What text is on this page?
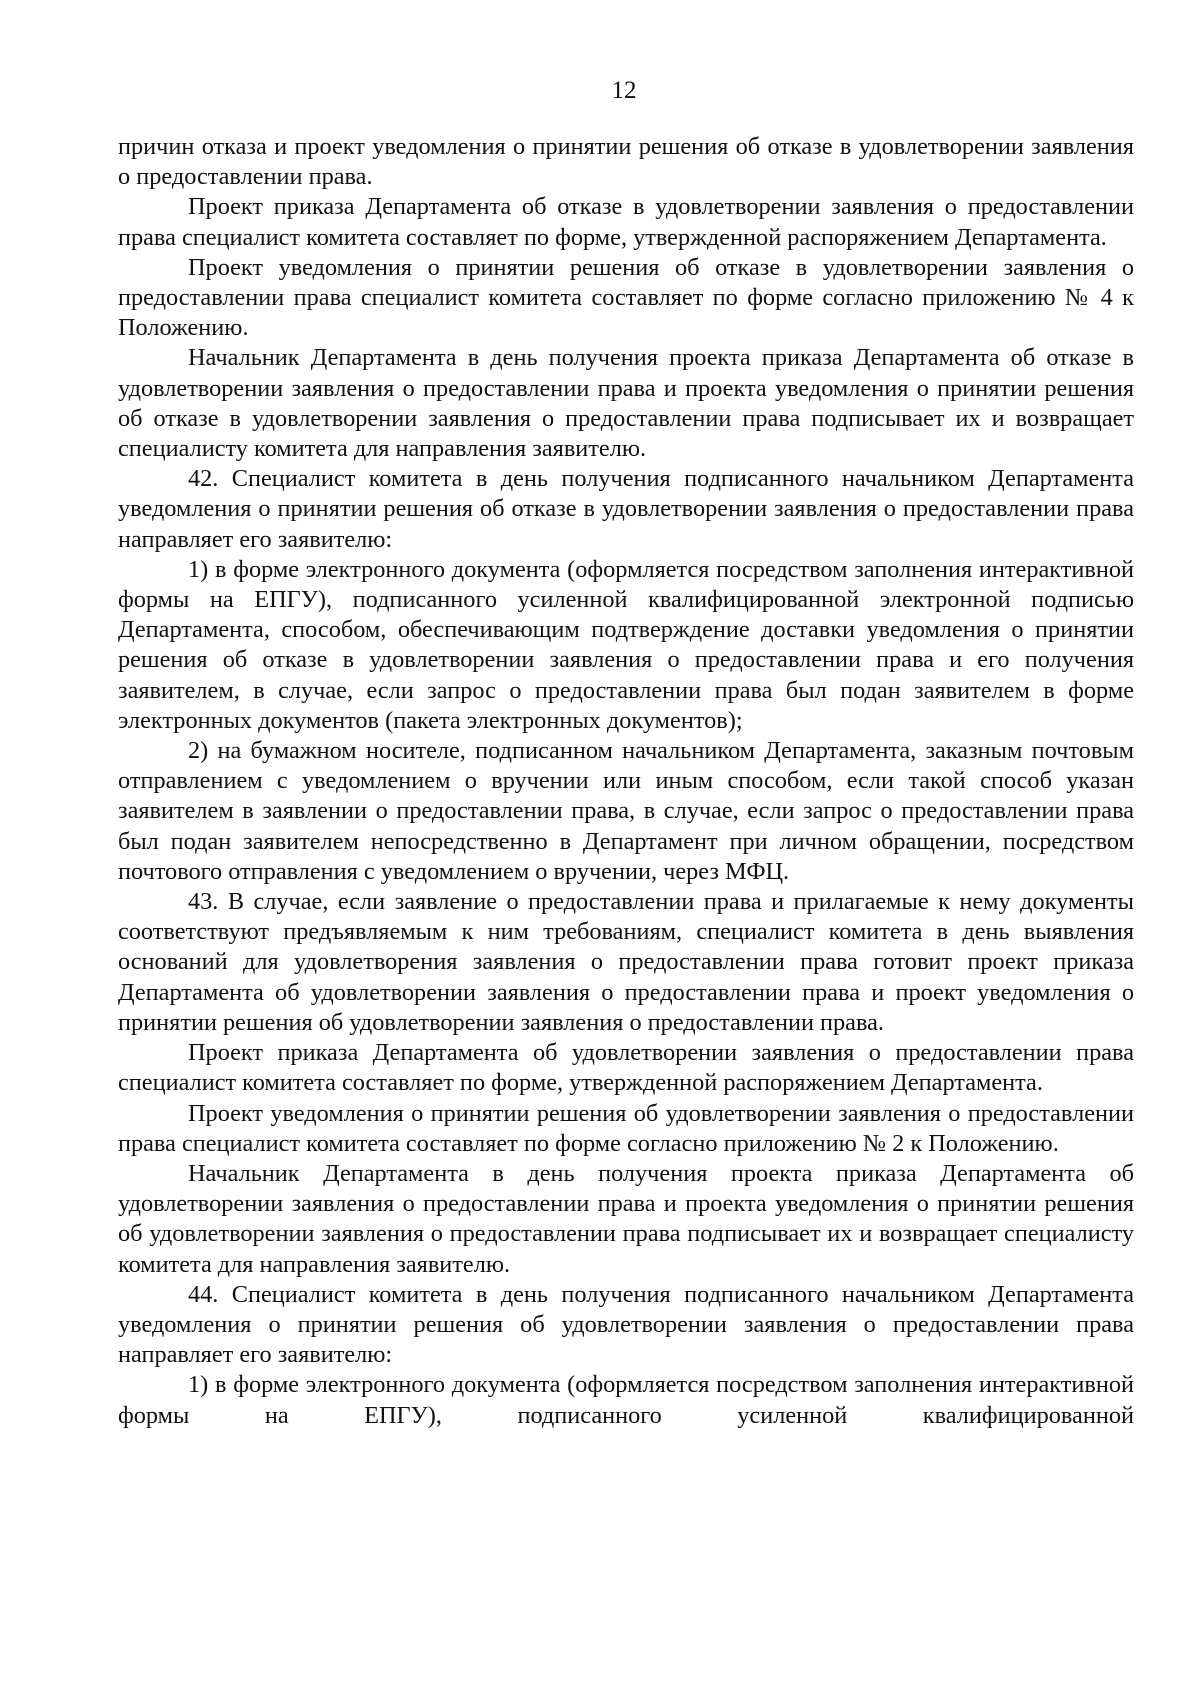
12

причин отказа и проект уведомления о принятии решения об отказе в удовлетворении заявления о предоставлении права.

Проект приказа Департамента об отказе в удовлетворении заявления о предоставлении права специалист комитета составляет по форме, утвержденной распоряжением Департамента.

Проект уведомления о принятии решения об отказе в удовлетворении заявления о предоставлении права специалист комитета составляет по форме согласно приложению № 4 к Положению.

Начальник Департамента в день получения проекта приказа Департамента об отказе в удовлетворении заявления о предоставлении права и проекта уведомления о принятии решения об отказе в удовлетворении заявления о предоставлении права подписывает их и возвращает специалисту комитета для направления заявителю.

42. Специалист комитета в день получения подписанного начальником Департамента уведомления о принятии решения об отказе в удовлетворении заявления о предоставлении права направляет его заявителю:

1) в форме электронного документа (оформляется посредством заполнения интерактивной формы на ЕПГУ), подписанного усиленной квалифицированной электронной подписью Департамента, способом, обеспечивающим подтверждение доставки уведомления о принятии решения об отказе в удовлетворении заявления о предоставлении права и его получения заявителем, в случае, если запрос о предоставлении права был подан заявителем в форме электронных документов (пакета электронных документов);

2) на бумажном носителе, подписанном начальником Департамента, заказным почтовым отправлением с уведомлением о вручении или иным способом, если такой способ указан заявителем в заявлении о предоставлении права, в случае, если запрос о предоставлении права был подан заявителем непосредственно в Департамент при личном обращении, посредством почтового отправления с уведомлением о вручении, через МФЦ.

43. В случае, если заявление о предоставлении права и прилагаемые к нему документы соответствуют предъявляемым к ним требованиям, специалист комитета в день выявления оснований для удовлетворения заявления о предоставлении права готовит проект приказа Департамента об удовлетворении заявления о предоставлении права и проект уведомления о принятии решения об удовлетворении заявления о предоставлении права.

Проект приказа Департамента об удовлетворении заявления о предоставлении права специалист комитета составляет по форме, утвержденной распоряжением Департамента.

Проект уведомления о принятии решения об удовлетворении заявления о предоставлении права специалист комитета составляет по форме согласно приложению № 2 к Положению.

Начальник Департамента в день получения проекта приказа Департамента об удовлетворении заявления о предоставлении права и проекта уведомления о принятии решения об удовлетворении заявления о предоставлении права подписывает их и возвращает специалисту комитета для направления заявителю.

44. Специалист комитета в день получения подписанного начальником Департамента уведомления о принятии решения об удовлетворении заявления о предоставлении права направляет его заявителю:

1) в форме электронного документа (оформляется посредством заполнения интерактивной формы на ЕПГУ), подписанного усиленной квалифицированной
